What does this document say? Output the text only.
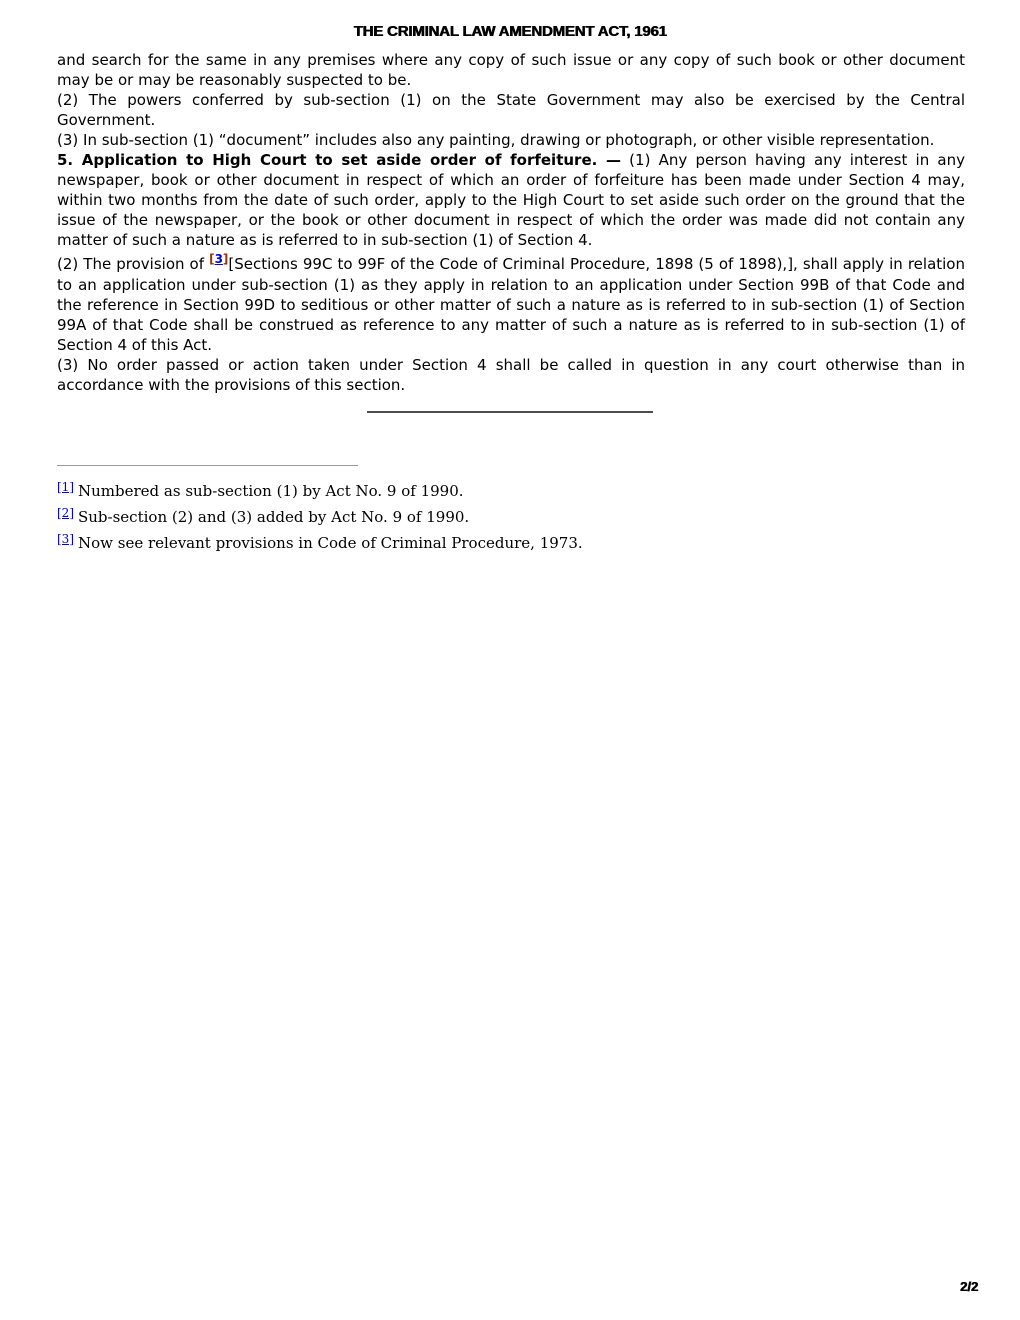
THE CRIMINAL LAW AMENDMENT ACT, 1961

and search for the same in any premises where any copy of such issue or any copy of such book or other document may be or may be reasonably suspected to be.

(2) The powers conferred by sub-section (1) on the State Government may also be exercised by the Central Government.

(3) In sub-section (1) “document” includes also any painting, drawing or photograph, or other visible representation.

5. Application to High Court to set aside order of forfeiture. — (1) Any person having any interest in any newspaper, book or other document in respect of which an order of forfeiture has been made under Section 4 may, within two months from the date of such order, apply to the High Court to set aside such order on the ground that the issue of the newspaper, or the book or other document in respect of which the order was made did not contain any matter of such a nature as is referred to in sub-section (1) of Section 4.

(2) The provision of [3][Sections 99C to 99F of the Code of Criminal Procedure, 1898 (5 of 1898),], shall apply in relation to an application under sub-section (1) as they apply in relation to an application under Section 99B of that Code and the reference in Section 99D to seditious or other matter of such a nature as is referred to in sub-section (1) of Section 99A of that Code shall be construed as reference to any matter of such a nature as is referred to in sub-section (1) of Section 4 of this Act.

(3) No order passed or action taken under Section 4 shall be called in question in any court otherwise than in accordance with the provisions of this section.

[1] Numbered as sub-section (1) by Act No. 9 of 1990.

[2] Sub-section (2) and (3) added by Act No. 9 of 1990.

[3] Now see relevant provisions in Code of Criminal Procedure, 1973.

2/2
